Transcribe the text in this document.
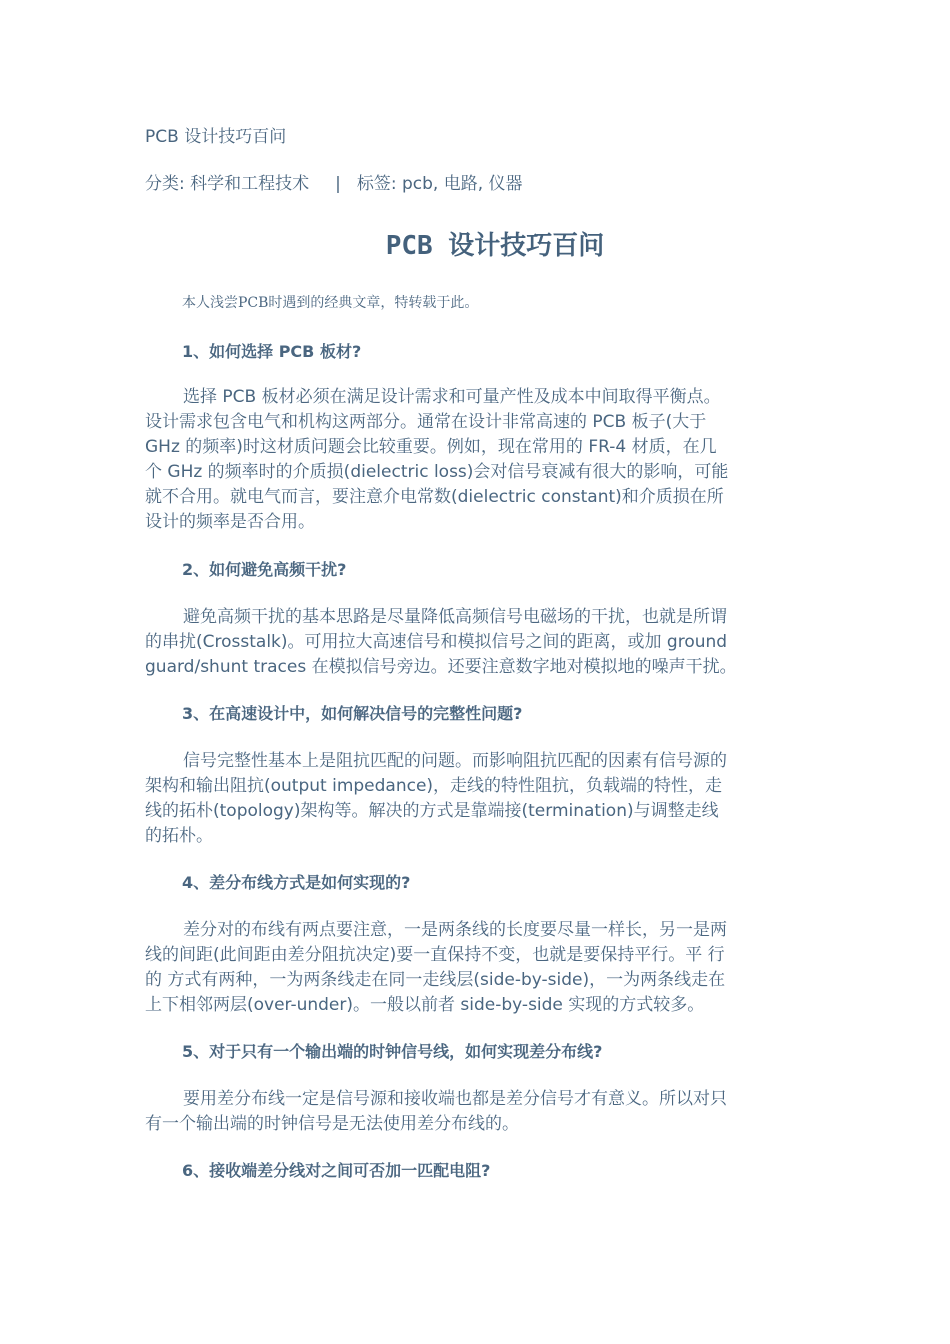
PCB 设计技巧百问
分类: 科学和工程技术 | 标签: pcb, 电路, 仪器
PCB 设计技巧百问
本人浅尝PCB时遇到的经典文章，特转载于此。
1、如何选择 PCB 板材?
选择 PCB 板材必须在满足设计需求和可量产性及成本中间取得平衡点。
设计需求包含电气和机构这两部分。通常在设计非常高速的 PCB 板子(大于
GHz 的频率)时这材质问题会比较重要。例如，现在常用的 FR-4 材质，在几
个 GHz 的频率时的介质损(dielectric loss)会对信号衰减有很大的影响，可能
就不合用。就电气而言，要注意介电常数(dielectric constant)和介质损在所
设计的频率是否合用。
2、如何避免高频干扰?
避免高频干扰的基本思路是尽量降低高频信号电磁场的干扰，也就是所谓
的串扰(Crosstalk)。可用拉大高速信号和模拟信号之间的距离，或加 ground
guard/shunt traces 在模拟信号旁边。还要注意数字地对模拟地的噪声干扰。
3、在高速设计中，如何解决信号的完整性问题?
信号完整性基本上是阻抗匹配的问题。而影响阻抗匹配的因素有信号源的
架构和输出阻抗(output impedance)，走线的特性阻抗，负载端的特性，走
线的拓朴(topology)架构等。解决的方式是靠端接(termination)与调整走线
的拓朴。
4、差分布线方式是如何实现的?
差分对的布线有两点要注意，一是两条线的长度要尽量一样长，另一是两
线的间距(此间距由差分阻抗决定)要一直保持不变，也就是要保持平行。平 行
的 方式有两种，一为两条线走在同一走线层(side-by-side)，一为两条线走在
上下相邻两层(over-under)。一般以前者 side-by-side 实现的方式较多。
5、对于只有一个输出端的时钟信号线，如何实现差分布线?
要用差分布线一定是信号源和接收端也都是差分信号才有意义。所以对只
有一个输出端的时钟信号是无法使用差分布线的。
6、接收端差分线对之间可否加一匹配电阻?
